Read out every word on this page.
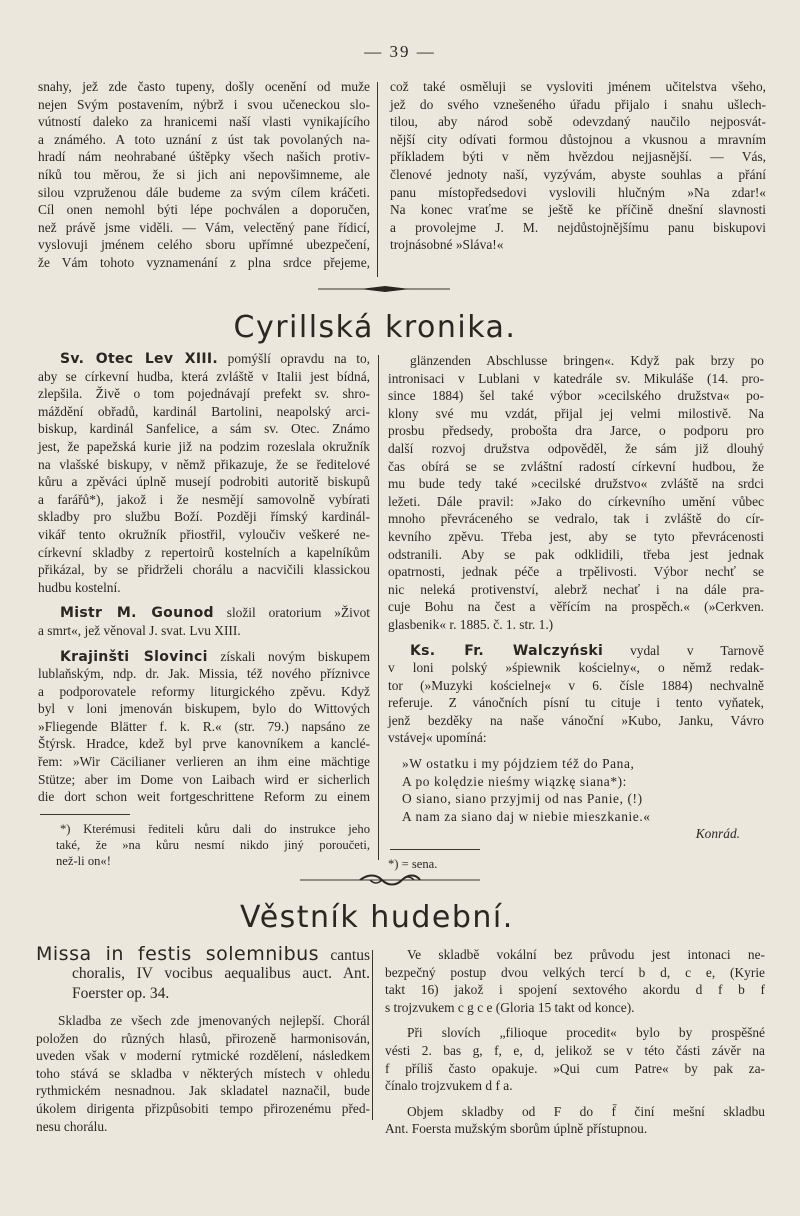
— 39 —
snahy, jež zde často tupeny, došly ocenění od muže
nejen Svým postavením, nýbrž i svou učeneckou slo-
vútností daleko za hranicemi naší vlasti vynikajícího
a známého. A toto uznání z úst tak povolaných na-
hradí nám neohrabané úštěpky všech našich protiv-
níků tou měrou, že si jich ani nepovšimneme, ale
silou vzpruženou dále budeme za svým cílem kráčeti.
Cíl onen nemohl býti lépe pochválen a doporučen,
než právě jsme viděli. — Vám, velectěný pane řídicí,
vyslovuji jménem celého sboru upřímné ubezpečení,
že Vám tohoto vyznamenání z plna srdce přejeme,
což také osměluji se vysloviti jménem učitelstva všeho,
jež do svého vznešeného úřadu přijalo i snahu ušlech-
tilou, aby národ sobě odevzdaný naučilo nejposvát-
nější city odívati formou důstojnou a vkusnou a mravním
příkladem býti v něm hvězdou nejjasnější. — Vás,
členové jednoty naší, vyzývám, abyste souhlas a přání
panu místopředsedovi vyslovili hlučným »Na zdar!«
Na konec vraťme se ještě ke příčině dnešní slavnosti
a provolejme J. M. nejdůstojnějšímu panu biskupovi
trojnásobné »Sláva!«
Cyrillská kronika.
Sv. Otec Lev XIII. pomýšlí opravdu na to,
aby se církevní hudba, která zvláště v Italii jest bídná,
zlepšila. Živě o tom pojednávají prefekt sv. shro-
máždění obřadů, kardinál Bartolini, neapolský arci-
biskup, kardinál Sanfelice, a sám sv. Otec. Známo
jest, že papežská kurie již na podzim rozeslala okružník
na vlašské biskupy, v němž přikazuje, že se ředitelové
kůru a zpěváci úplně musejí podrobiti autoritě biskupů
a farářů*), jakož i že nesmějí samovolně vybírati
skladby pro službu Boží. Později římský kardinál-
vikář tento okružník přiostřil, vyloučiv veškeré ne-
církevní skladby z repertoirů kostelních a kapelníkům
přikázal, by se přidrželi chorálu a nacvičili klassickou
hudbu kostelní.
Mistr M. Gounod složil oratorium »Život
a smrt«, jež věnoval J. svat. Lvu XIII.
Krajinšti Slovinci získali novým biskupem
lublaňským, ndp. dr. Jak. Missia, též nového příznivce
a podporovatele reformy liturgického zpěvu. Když
byl v loni jmenován biskupem, bylo do Wittových
»Fliegende Blätter f. k. R.« (str. 79.) napsáno ze
Štýrsk. Hradce, kdež byl prve kanovníkem a kanclé-
řem: »Wir Cäcilianer verlieren an ihm eine mächtige
Stütze; aber im Dome von Laibach wird er sicherlich
die dort schon weit fortgeschrittene Reform zu einem
*) Kterémusi řediteli kůru dali do instrukce jeho
také, že »na kůru nesmí nikdo jiný poroučeti,
než-li on«!
glänzenden Abschlusse bringen«. Když pak brzy po
intronisaci v Lublani v katedrále sv. Mikuláše (14. pro-
since 1884) šel také výbor »cecilského družstva« po-
klony své mu vzdát, přijal jej velmi milostivě. Na
prosbu předsedy, probošta dra Jarce, o podporu pro
další rozvoj družstva odpověděl, že sám již dlouhý
čas obírá se se zvláštní radostí církevní hudbou, že
mu bude tedy také »cecilské družstvo« zvláště na srdci
ležeti. Dále pravil: »Jako do církevního umění vůbec
mnoho převráceného se vedralo, tak i zvláště do cír-
kevního zpěvu. Třeba jest, aby se tyto převrácenosti
odstranili. Aby se pak odklidili, třeba jest jednak
opatrnosti, jednak péče a trpělivosti. Výbor nechť se
nic neleká protivenství, alebrž nechať i na dále pra-
cuje Bohu na čest a věřícím na prospěch.« (»Cerkven.
glasbenik« r. 1885. č. 1. str. 1.)
Ks. Fr. Walczyński vydal v Tarnově
v loni polský »śpiewnik kościelny«, o němž redak-
tor (»Muzyki kościelnej« v 6. čísle 1884) nechvalně
referuje. Z vánočních písní tu cituje i tento vyňatek,
jenž bezděky na naše vánoční »Kubo, Janku, Vávro
vstávej« upomíná:
»W ostatku i my pójdziem též do Pana,
A po kolędzie nieśmy wiązkę siana*):
O siano, siano przyjmij od nas Panie, (!)
A nam za siano daj w niebie mieszkanie.«
Konrád.
*) = sena.
Věstník hudební.
Missa in festis solemnibus cantus
choralis, IV vocibus aequalibus auct. Ant.
Foerster op. 34.
Skladba ze všech zde jmenovaných nejlepší. Chorál
položen do různých hlasů, přirozeně harmonisován,
uveden však v moderní rytmické rozdělení, následkem
toho stává se skladba v některých místech v ohledu
rythmickém nesnadnou. Jak skladatel naznačil, bude
úkolem dirigenta přizpůsobiti tempo přirozenému před-
nesu chorálu.
Ve skladbě vokální bez průvodu jest intonaci ne-
bezpečný postup dvou velkých tercí b d, c e, (Kyrie
takt 16) jakož i spojení sextového akordu d f b f
s trojzvukem c g c e (Gloria 15 takt od konce).
Při slovích „filioque procedit« bylo by prospěšné
vésti 2. bas g, f, e, d, jelikož se v této části závěr na
f příliš často opakuje. »Qui cum Patre« by pak za-
čínalo trojzvukem d f a.
Objem skladby od F do f̄ činí mešní skladbu
Ant. Foersta mužským sborům úplně přístupnou.
